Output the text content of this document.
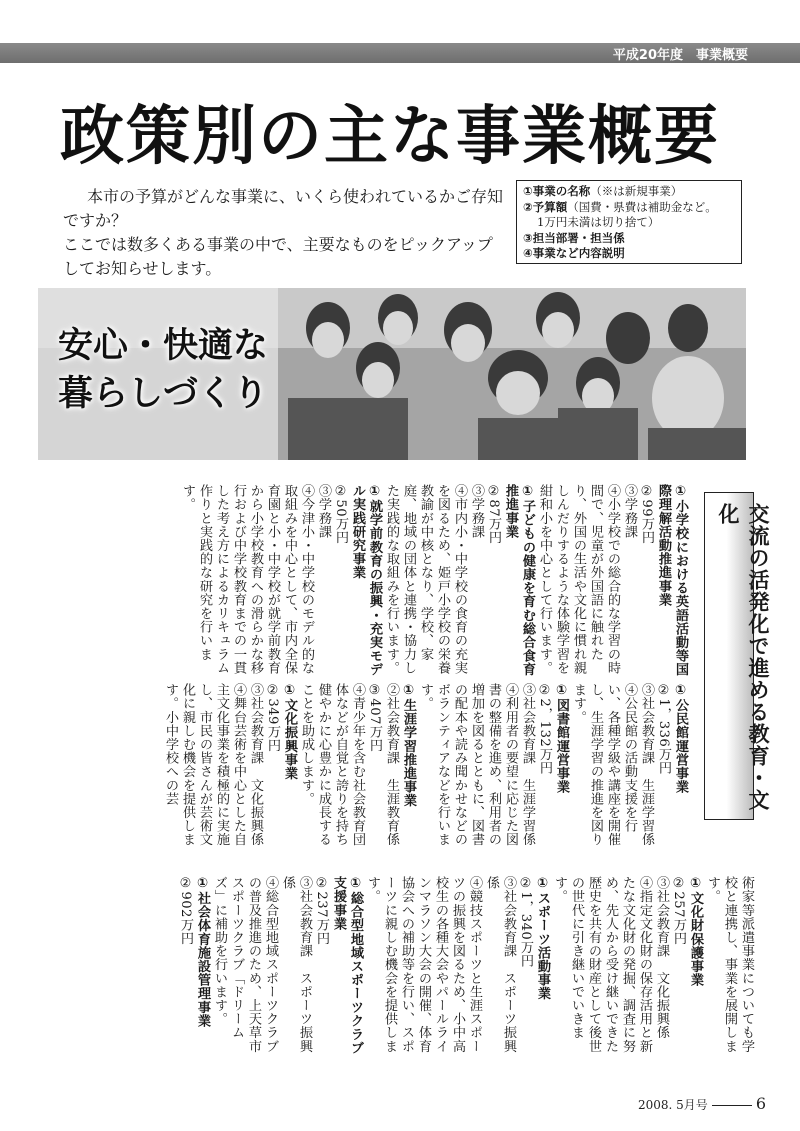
平成20年度　事業概要
政策別の主な事業概要

本市の予算がどんな事業に、いくら使われているかご存知ですか？

ここでは数多くある事業の中で、主要なものをピックアップしてお知らせします。

①事業の名称（※は新規事業）

②予算額（国費・県費は補助金など。

1万円未満は切り捨て）

③担当部署・担当係

④事業など内容説明

安心・快適な
暮らしづくり
交流の活発化で進める教育・文化

①小学校における英語活動等国際理解活動推進事業

②99万円

③学務課

④小学校での総合的な学習の時間で、児童が外国語に触れたり、外国の生活や文化に慣れ親しんだりするような体験学習を紺和小を中心として行います。

①子どもの健康を育む総合食育推進事業

②87万円

③学務課

④市内小・中学校の食育の充実を図るため、姫戸小学校の栄養教諭が中核となり、学校、家庭、地域の団体と連携・協力した実践的な取組みを行います。

①就学前教育の振興・充実モデル実践研究事業

②50万円

③学務課

④今津小・中学校のモデル的な取組みを中心として、市内全保育園と小・中学校が就学前教育から小学校教育への滑らかな移行および中学校教育までの一貫した考え方によるカリキュラム作りと実践的な研究を行います。

①公民館運営事業

②1，336万円

③社会教育課　生涯学習係

④公民館の活動支援を行い、各種学級や講座を開催し、生涯学習の推進を図ります。

①図書館運営事業

②2，132万円

③社会教育課　生涯学習係

④利用者の要望に応じた図書の整備を進め、利用者の増加を図るとともに、図書の配本や読み聞かせなどのボランティアなどを行います。

①生涯学習推進事業

②社会教育課　生涯教育係

③407万円

④青少年を含む社会教育団体などが自覚と誇りを持ち健やかに心豊かに成長することを助成します。

①文化振興事業

②349万円

③社会教育課　文化振興係

④舞台芸術を中心とした自主文化事業を積極的に実施し、市民の皆さんが芸術文化に親しむ機会を提供します。小中学校への芸

術家等派遣事業についても学校と連携し、事業を展開します。

①文化財保護事業

②257万円

③社会教育課　文化振興係

④指定文化財の保存活用と新たな文化財の発掘、調査に努め、先人から受け継いできた歴史を共有の財産として後世の世代に引き継いでいきます。

①スポーツ活動事業

②1，340万円

③社会教育課　スポーツ振興係

④競技スポーツと生涯スポーツの振興を図るため、小中高校生の各種大会やパールラインマラソン大会の開催、体育協会への補助等を行い、スポーツに親しむ機会を提供します。

①総合型地域スポーツクラブ支援事業

②237万円

③社会教育課　スポーツ振興係

④総合型地域スポーツクラブの普及推進のため、上天草市スポーツクラブ「ドリームズ」に補助を行います。

①社会体育施設管理事業

②902万円

2008. 5月号	6
